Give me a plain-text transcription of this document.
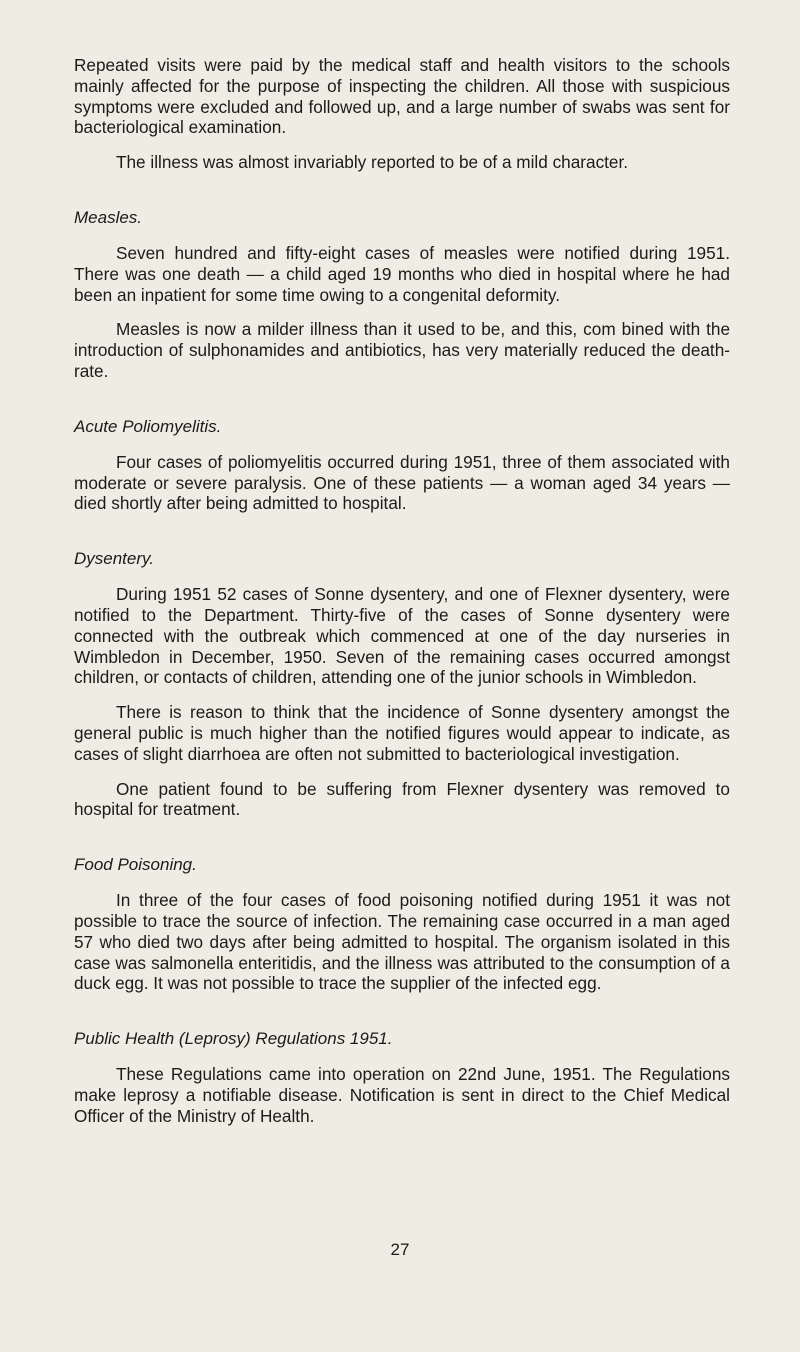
Repeated visits were paid by the medical staff and health visitors to the schools mainly affected for the purpose of inspecting the children. All those with suspicious symptoms were excluded and followed up, and a large number of swabs was sent for bacteriological examination.

The illness was almost invariably reported to be of a mild character.

Measles.

Seven hundred and fifty-eight cases of measles were notified during 1951. There was one death — a child aged 19 months who died in hospital where he had been an inpatient for some time owing to a congenital deformity.

Measles is now a milder illness than it used to be, and this, com bined with the introduction of sulphonamides and antibiotics, has very materially reduced the death-rate.

Acute Poliomyelitis.

Four cases of poliomyelitis occurred during 1951, three of them associated with moderate or severe paralysis. One of these patients — a woman aged 34 years — died shortly after being admitted to hospital.

Dysentery.

During 1951 52 cases of Sonne dysentery, and one of Flexner dysentery, were notified to the Department. Thirty-five of the cases of Sonne dysentery were connected with the outbreak which commenced at one of the day nurseries in Wimbledon in December, 1950. Seven of the remaining cases occurred amongst children, or contacts of children, attending one of the junior schools in Wimbledon.

There is reason to think that the incidence of Sonne dysentery amongst the general public is much higher than the notified figures would appear to indicate, as cases of slight diarrhoea are often not submitted to bacteriological investigation.

One patient found to be suffering from Flexner dysentery was removed to hospital for treatment.

Food Poisoning.

In three of the four cases of food poisoning notified during 1951 it was not possible to trace the source of infection. The remaining case occurred in a man aged 57 who died two days after being admitted to hospital. The organism isolated in this case was salmonella enteritidis, and the illness was attributed to the consumption of a duck egg. It was not possible to trace the supplier of the infected egg.

Public Health (Leprosy) Regulations 1951.

These Regulations came into operation on 22nd June, 1951. The Regulations make leprosy a notifiable disease. Notification is sent in direct to the Chief Medical Officer of the Ministry of Health.

27
